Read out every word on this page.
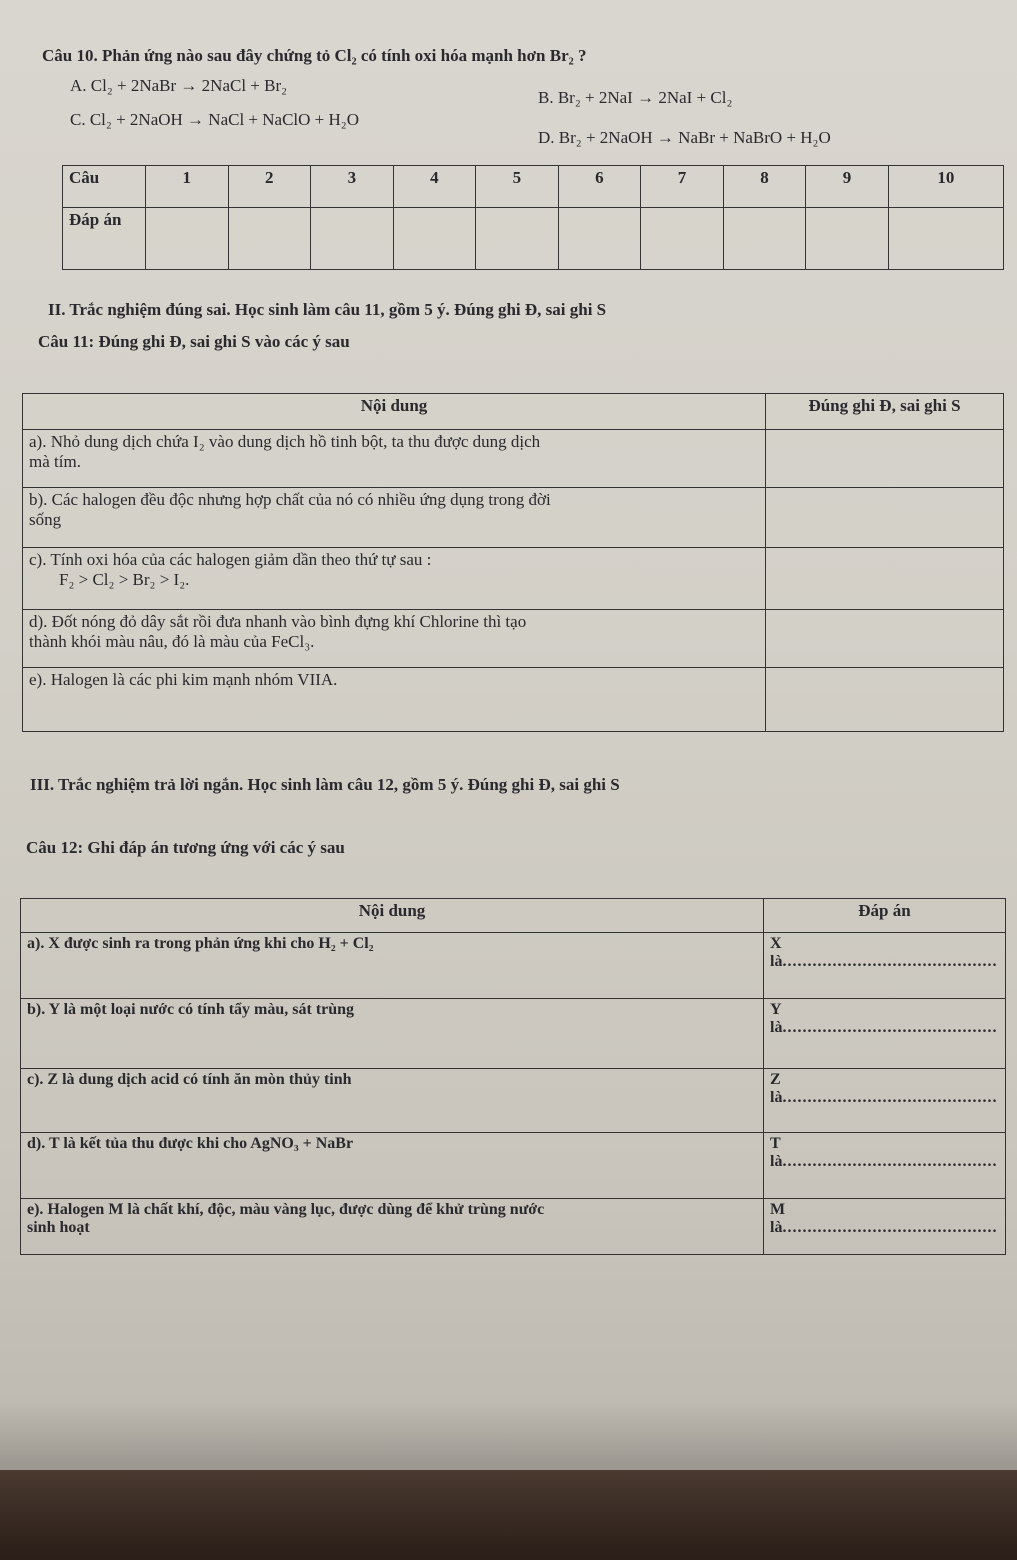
Câu 10. Phản ứng nào sau đây chứng tỏ Cl₂ có tính oxi hóa mạnh hơn Br₂ ?
A. Cl₂ + 2NaBr → 2NaCl + Br₂
B. Br₂ + 2NaI → 2NaI + Cl₂
C. Cl₂ + 2NaOH → NaCl + NaClO + H₂O
D. Br₂ + 2NaOH → NaBr + NaBrO + H₂O
Câu	1	2	3	4	5	6	7	8	9	10
Đáp án										
II. Trắc nghiệm đúng sai. Học sinh làm câu 11, gồm 5 ý. Đúng ghi Đ, sai ghi S
Câu 11: Đúng ghi Đ, sai ghi S vào các ý sau
Nội dung	Đúng ghi Đ, sai ghi S
a). Nhỏ dung dịch chứa I₂ vào dung dịch hồ tinh bột, ta thu được dung dịch
mà tím.	
b). Các halogen đều độc nhưng hợp chất của nó có nhiều ứng dụng trong đời
sống	
c). Tính oxi hóa của các halogen giảm dần theo thứ tự sau :
F₂ > Cl₂ > Br₂ > I₂.	
d). Đốt nóng đỏ dây sắt rồi đưa nhanh vào bình đựng khí Chlorine thì tạo
thành khói màu nâu, đó là màu của FeCl₃.	
e). Halogen là các phi kim mạnh nhóm VIIA.	
III. Trắc nghiệm trả lời ngắn. Học sinh làm câu 12, gồm 5 ý. Đúng ghi Đ, sai ghi S
Câu 12: Ghi đáp án tương ứng với các ý sau
Nội dung	Đáp án
a). X được sinh ra trong phản ứng khi cho H₂ + Cl₂	X là...........................................
b). Y là một loại nước có tính tẩy màu, sát trùng	Y là...........................................
c). Z là dung dịch acid có tính ăn mòn thủy tinh	Z là...........................................
d). T là kết tủa thu được khi cho AgNO₃ + NaBr	T là...........................................
e). Halogen M là chất khí, độc, màu vàng lục, được dùng để khử trùng nước
sinh hoạt	M là...........................................
